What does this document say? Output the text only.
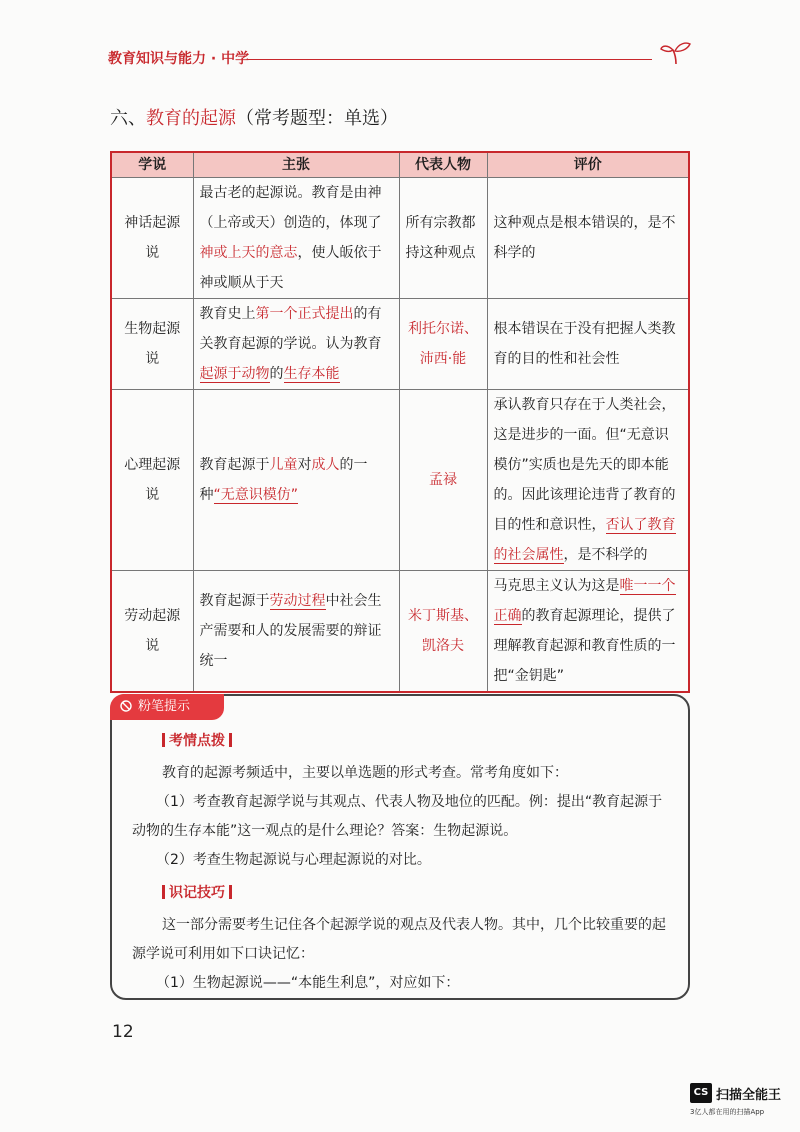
教育知识与能力 · 中学
六、教育的起源（常考题型：单选）
学说	主张	代表人物	评价
神话起源说	最古老的起源说。教育是由神（上帝或天）创造的，体现了神或上天的意志，使人皈依于神或顺从于天	所有宗教都持这种观点	这种观点是根本错误的，是不科学的
生物起源说	教育史上第一个正式提出的有关教育起源的学说。认为教育起源于动物的生存本能	利托尔诺、沛西·能	根本错误在于没有把握人类教育的目的性和社会性
心理起源说	教育起源于儿童对成人的一种“无意识模仿”	孟禄	承认教育只存在于人类社会，这是进步的一面。但“无意识模仿”实质也是先天的即本能的。因此该理论违背了教育的目的性和意识性，否认了教育的社会属性，是不科学的
劳动起源说	教育起源于劳动过程中社会生产需要和人的发展需要的辩证统一	米丁斯基、凯洛夫	马克思主义认为这是唯一一个正确的教育起源理论，提供了理解教育起源和教育性质的一把“金钥匙”
粉笔提示
考情点拨
教育的起源考频适中，主要以单选题的形式考查。常考角度如下：
（1）考查教育起源学说与其观点、代表人物及地位的匹配。例：提出“教育起源于
动物的生存本能”这一观点的是什么理论？答案：生物起源说。
（2）考查生物起源说与心理起源说的对比。
识记技巧
这一部分需要考生记住各个起源学说的观点及代表人物。其中，几个比较重要的起
源学说可利用如下口诀记忆：
（1）生物起源说——“本能生利息”，对应如下：
12
CS 扫描全能王
3亿人都在用的扫描App
